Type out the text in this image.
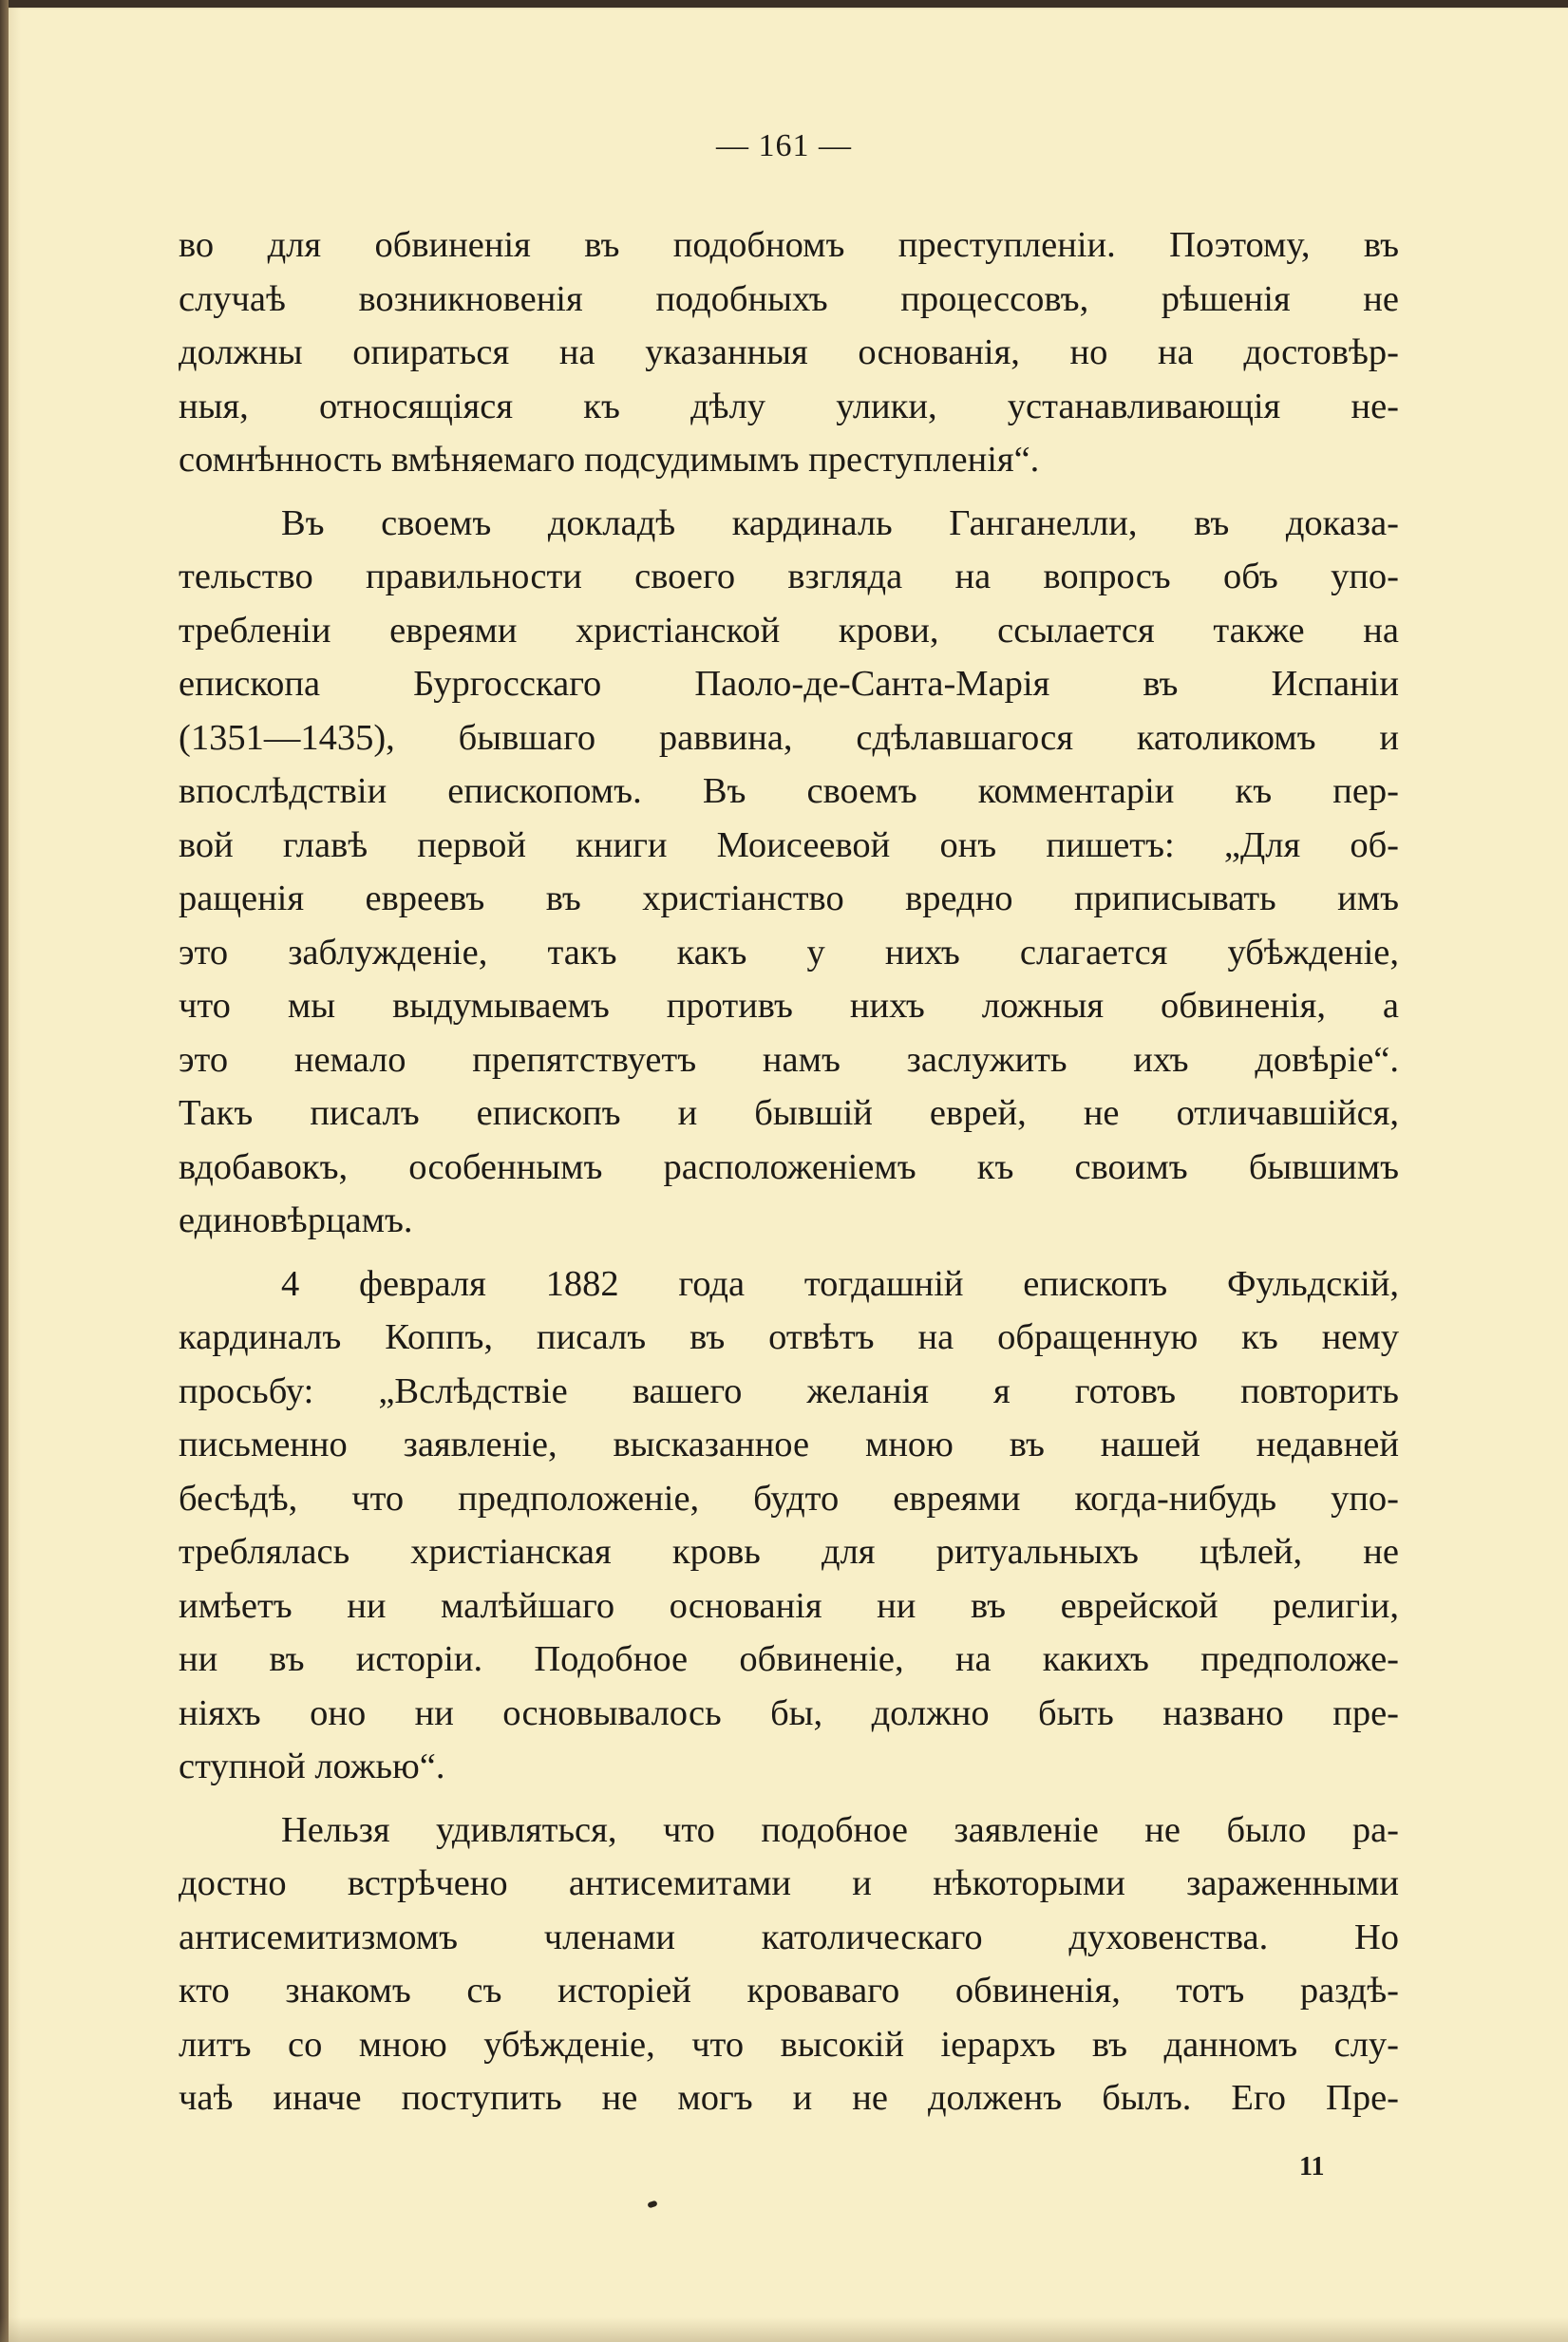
— 161 —
во для обвиненія въ подобномъ преступленіи. Поэтому, въ
случаѣ возникновенія подобныхъ процессовъ, рѣшенія не
должны опираться на указанныя основанія, но на достовѣр-
ныя, относящіяся къ дѣлу улики, устанавливающія не-
сомнѣнность вмѣняемаго подсудимымъ преступленія“.
Въ своемъ докладѣ кардиналь Ганганелли, въ доказа-
тельство правильности своего взгляда на вопросъ объ упо-
требленіи евреями христіанской крови, ссылается также на
епископа Бургосскаго Паоло-де-Санта-Марія въ Испаніи
(1351—1435), бывшаго раввина, сдѣлавшагося католикомъ и
впослѣдствіи епископомъ. Въ своемъ комментаріи къ пер-
вой главѣ первой книги Моисеевой онъ пишетъ: „Для об-
ращенія евреевъ въ христіанство вредно приписывать имъ
это заблужденіе, такъ какъ у нихъ слагается убѣжденіе,
что мы выдумываемъ противъ нихъ ложныя обвиненія, а
это немало препятствуетъ намъ заслужить ихъ довѣріе“.
Такъ писалъ епископъ и бывшій еврей, не отличавшійся,
вдобавокъ, особеннымъ расположеніемъ къ своимъ бывшимъ
единовѣрцамъ.
4 февраля 1882 года тогдашній епископъ Фульдскій,
кардиналъ Коппъ, писалъ въ отвѣтъ на обращенную къ нему
просьбу: „Вслѣдствіе вашего желанія я готовъ повторить
письменно заявленіе, высказанное мною въ нашей недавней
бесѣдѣ, что предположеніе, будто евреями когда-нибудь упо-
треблялась христіанская кровь для ритуальныхъ цѣлей, не
имѣетъ ни малѣйшаго основанія ни въ еврейской религіи,
ни въ исторіи. Подобное обвиненіе, на какихъ предположе-
ніяхъ оно ни основывалось бы, должно быть названо пре-
ступной ложью“.
Нельзя удивляться, что подобное заявленіе не было ра-
достно встрѣчено антисемитами и нѣкоторыми зараженными
антисемитизмомъ членами католическаго духовенства. Но
кто знакомъ съ исторіей кроваваго обвиненія, тотъ раздѣ-
литъ со мною убѣжденіе, что высокій іерархъ въ данномъ слу-
чаѣ иначе поступить не могъ и не долженъ былъ. Его Пре-
11
